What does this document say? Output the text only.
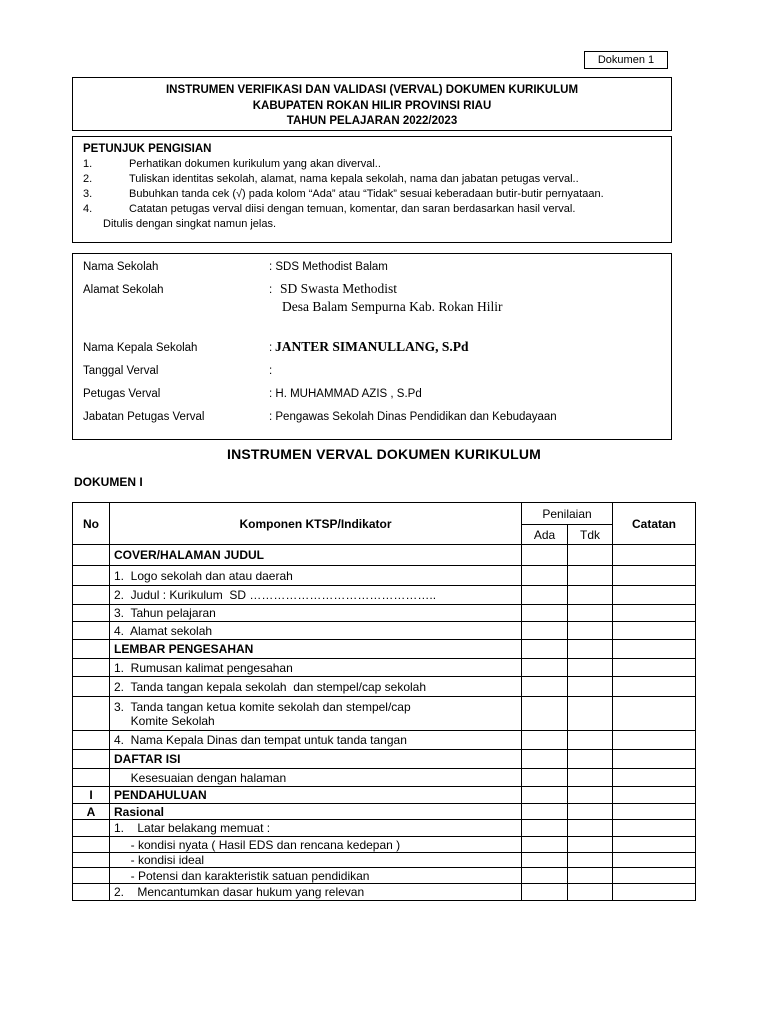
Dokumen 1
INSTRUMEN VERIFIKASI DAN VALIDASI (VERVAL) DOKUMEN KURIKULUM
KABUPATEN ROKAN HILIR PROVINSI RIAU
TAHUN PELAJARAN 2022/2023
PETUNJUK PENGISIAN
1.	Perhatikan dokumen kurikulum yang akan diverval..
2.	Tuliskan identitas sekolah, alamat, nama kepala sekolah, nama dan jabatan petugas verval..
3.	Bubuhkan tanda cek (√) pada kolom “Ada” atau “Tidak” sesuai keberadaan butir-butir pernyataan.
4.	Catatan petugas verval diisi dengan temuan, komentar, dan saran berdasarkan hasil verval.
Ditulis dengan singkat namun jelas.
Nama Sekolah	: SDS Methodist Balam
Alamat Sekolah	: SD Swasta Methodist
Desa Balam Sempurna Kab. Rokan Hilir
Nama Kepala Sekolah	: JANTER SIMANULLANG, S.Pd
Tanggal Verval	:
Petugas Verval	: H. MUHAMMAD AZIS , S.Pd
Jabatan Petugas Verval	: Pengawas Sekolah Dinas Pendidikan dan Kebudayaan
INSTRUMEN VERVAL DOKUMEN KURIKULUM
DOKUMEN I
No	Komponen KTSP/Indikator	Penilaian		Catatan
		Ada	Tdk	

	COVER/HALAMAN JUDUL			

	1.  Logo sekolah dan atau daerah			

	2.  Judul : Kurikulum  SD ………………………………………..			

	3.  Tahun pelajaran			

	4.  Alamat sekolah			

	LEMBAR PENGESAHAN			

	1.  Rumusan kalimat pengesahan			

	2.  Tanda tangan kepala sekolah  dan stempel/cap sekolah			

	3.  Tanda tangan ketua komite sekolah dan stempel/cap
Komite Sekolah			

	4.  Nama Kepala Dinas dan tempat untuk tanda tangan			

	DAFTAR ISI			

	Kesesuaian dengan halaman			

I	PENDAHULUAN			

A	Rasional			

	1.    Latar belakang memuat :			

	- kondisi nyata ( Hasil EDS dan rencana kedepan )			

	- kondisi ideal			

	- Potensi dan karakteristik satuan pendidikan			

	2.    Mencantumkan dasar hukum yang relevan			
